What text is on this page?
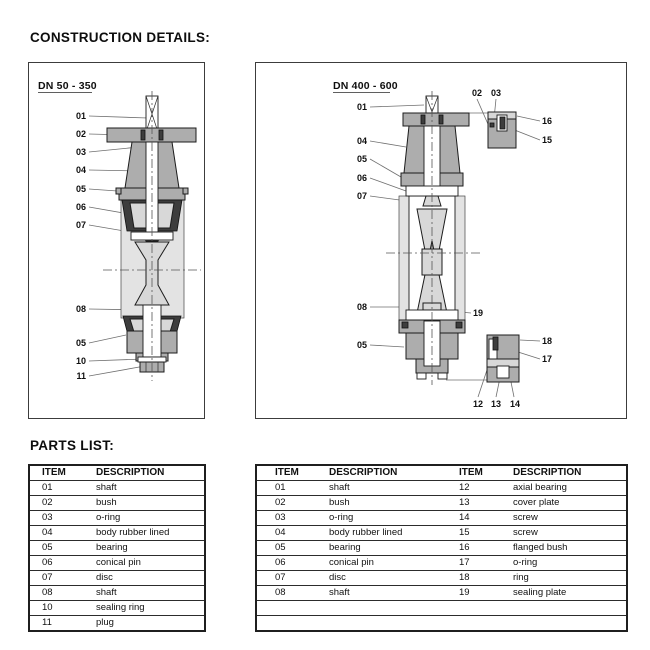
CONSTRUCTION DETAILS:
DN 50 - 350
01
02
03
04
05
06
07
08
05
10
11
DN 400 - 600
01
04
05
06
07
08
05
02 03
16
15
19
18
17
12 13 14
PARTS LIST:
ITEM	DESCRIPTION
01	shaft
02	bush
03	o-ring
04	body rubber lined
05	bearing
06	conical pin
07	disc
08	shaft
10	sealing ring
11	plug
ITEM	DESCRIPTION	ITEM	DESCRIPTION
01	shaft	12	axial bearing
02	bush	13	cover plate
03	o-ring	14	screw
04	body rubber lined	15	screw
05	bearing	16	flanged bush
06	conical pin	17	o-ring
07	disc	18	ring
08	shaft	19	sealing plate
